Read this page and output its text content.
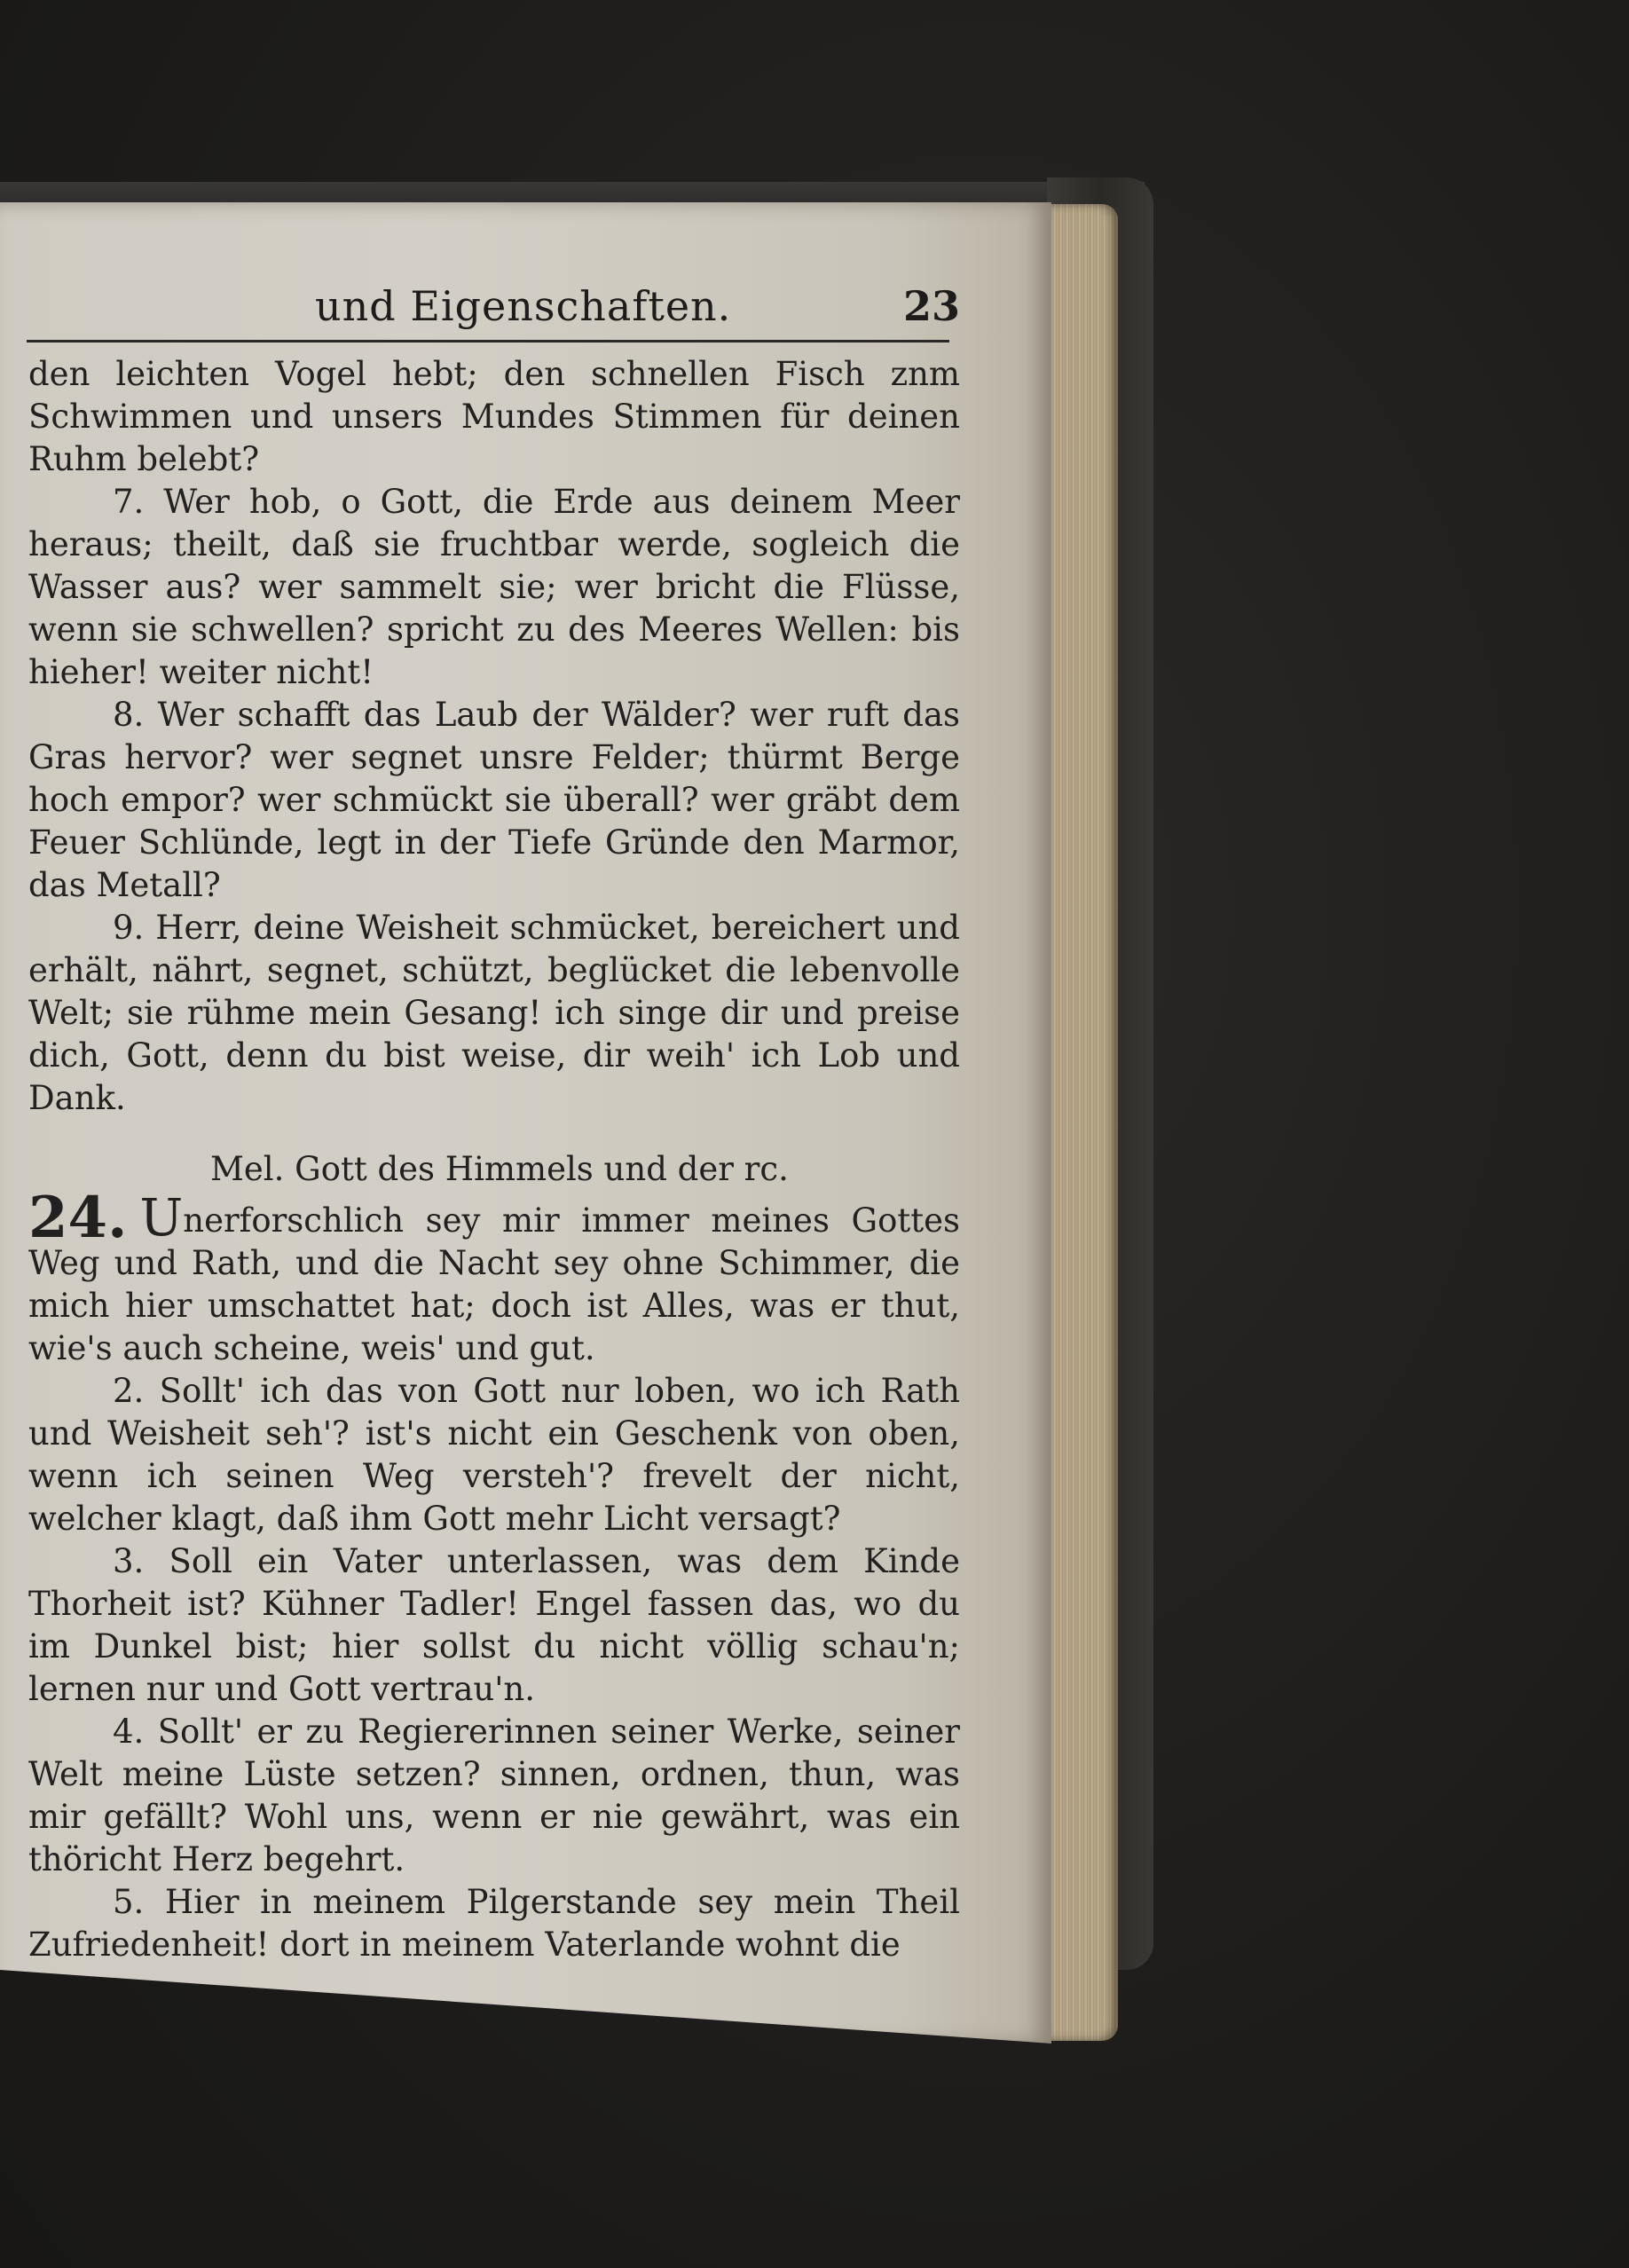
und Eigenschaften.	23

den leichten Vogel hebt; den schnellen Fisch znm Schwimmen und unsers Mundes Stimmen für deinen Ruhm belebt?

7. Wer hob, o Gott, die Erde aus deinem Meer heraus; theilt, daß sie fruchtbar werde, sogleich die Wasser aus? wer sammelt sie; wer bricht die Flüsse, wenn sie schwellen? spricht zu des Meeres Wellen: bis hieher! weiter nicht!

8. Wer schafft das Laub der Wälder? wer ruft das Gras hervor? wer segnet unsre Felder; thürmt Berge hoch empor? wer schmückt sie überall? wer gräbt dem Feuer Schlünde, legt in der Tiefe Gründe den Marmor, das Metall?

9. Herr, deine Weisheit schmücket, bereichert und erhält, nährt, segnet, schützt, beglücket die lebenvolle Welt; sie rühme mein Gesang! ich singe dir und preise dich, Gott, denn du bist weise, dir weih' ich Lob und Dank.

Mel. Gott des Himmels und der rc.

24. Unerforschlich sey mir immer meines Gottes Weg und Rath, und die Nacht sey ohne Schimmer, die mich hier umschattet hat; doch ist Alles, was er thut, wie's auch scheine, weis' und gut.

2. Sollt' ich das von Gott nur loben, wo ich Rath und Weisheit seh'? ist's nicht ein Geschenk von oben, wenn ich seinen Weg versteh'? frevelt der nicht, welcher klagt, daß ihm Gott mehr Licht versagt?

3. Soll ein Vater unterlassen, was dem Kinde Thorheit ist? Kühner Tadler! Engel fassen das, wo du im Dunkel bist; hier sollst du nicht völlig schau'n; lernen nur und Gott vertrau'n.

4. Sollt' er zu Regiererinnen seiner Werke, seiner Welt meine Lüste setzen? sinnen, ordnen, thun, was mir gefällt? Wohl uns, wenn er nie gewährt, was ein thöricht Herz begehrt.

5. Hier in meinem Pilgerstande sey mein Theil Zufriedenheit! dort in meinem Vaterlande wohnt die
